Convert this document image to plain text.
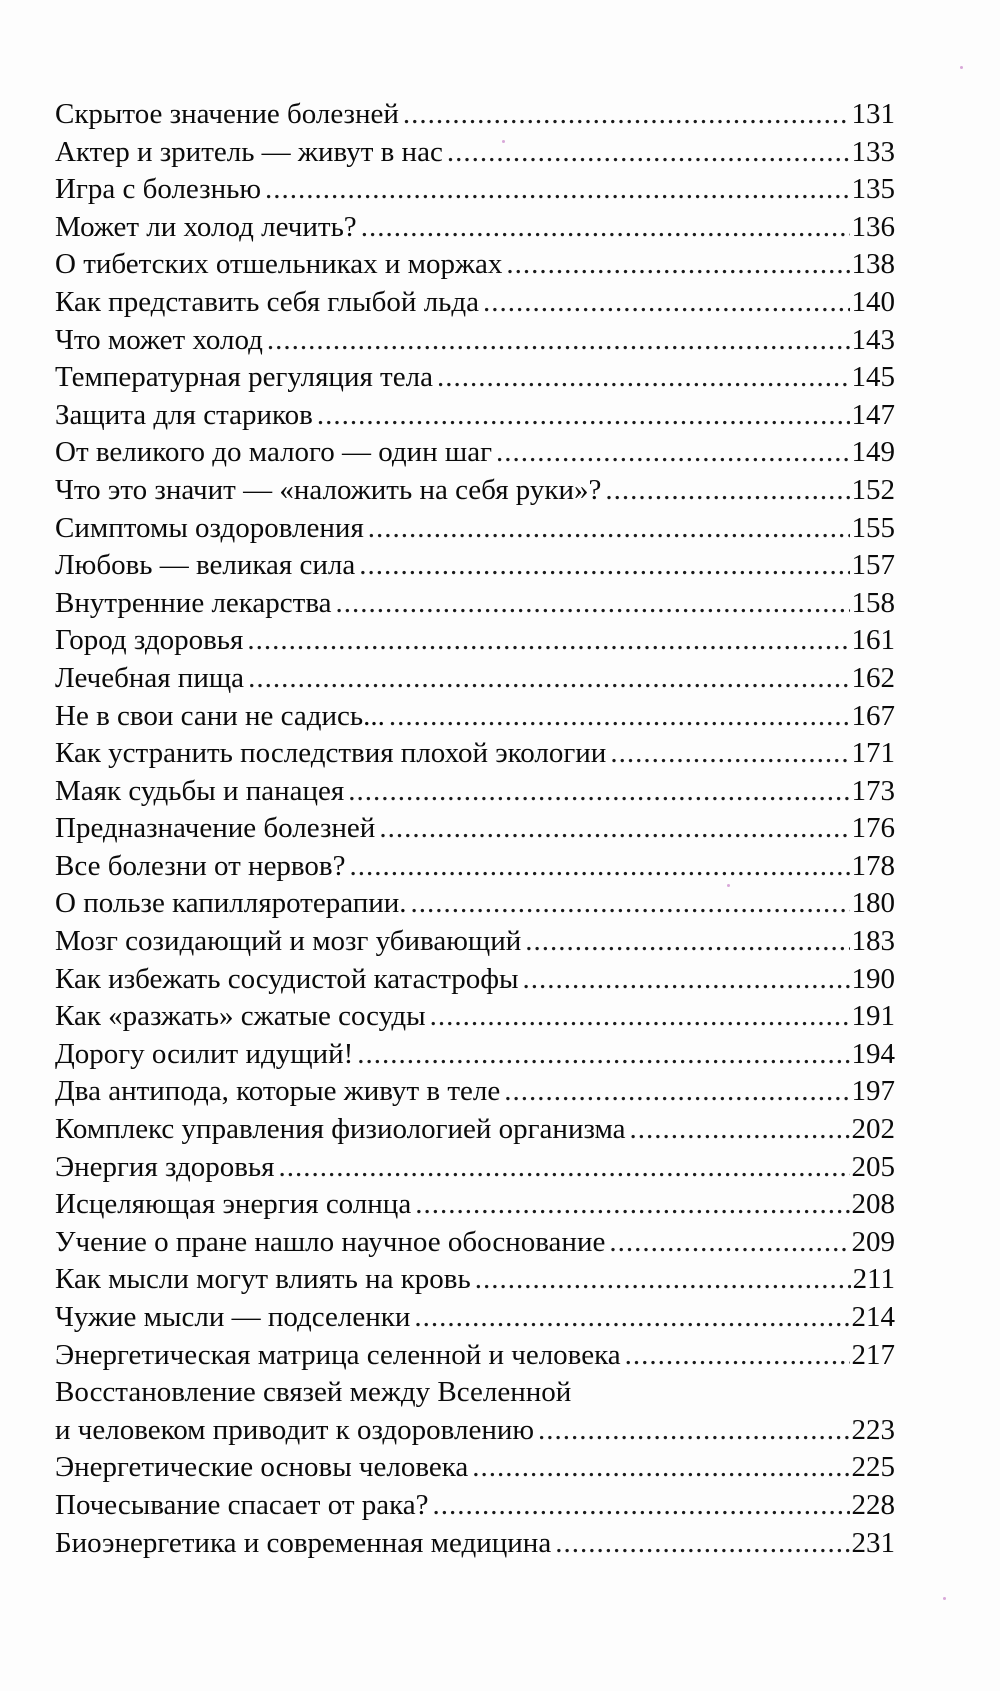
Скрытое значение болезней .....	131
Актер и зритель — живут в нас .....	133
Игра с болезнью .....	135
Может ли холод лечить? .....	136
О тибетских отшельниках и моржах .....	138
Как представить себя глыбой льда .....	140
Что может холод .....	143
Температурная регуляция тела .....	145
Защита для стариков .....	147
От великого до малого — один шаг .....	149
Что это значит — «наложить на себя руки»? .....	152
Симптомы оздоровления .....	155
Любовь — великая сила .....	157
Внутренние лекарства .....	158
Город здоровья .....	161
Лечебная пища .....	162
Не в свои сани не садись... .....	167
Как устранить последствия плохой экологии .....	171
Маяк судьбы и панацея .....	173
Предназначение болезней .....	176
Все болезни от нервов? .....	178
О пользе капилляротерапии. .....	180
Мозг созидающий и мозг убивающий .....	183
Как избежать сосудистой катастрофы .....	190
Как «разжать» сжатые сосуды .....	191
Дорогу осилит идущий! .....	194
Два антипода, которые живут в теле .....	197
Комплекс управления физиологией организма .....	202
Энергия здоровья .....	205
Исцеляющая энергия солнца .....	208
Учение о пране нашло научное обоснование .....	209
Как мысли могут влиять на кровь .....	211
Чужие мысли — подселенки .....	214
Энергетическая матрица селенной и человека .....	217
Восстановление связей между Вселенной
и человеком приводит к оздоровлению .....	223
Энергетические основы человека .....	225
Почесывание спасает от рака? .....	228
Биоэнергетика и современная медицина .....	231
